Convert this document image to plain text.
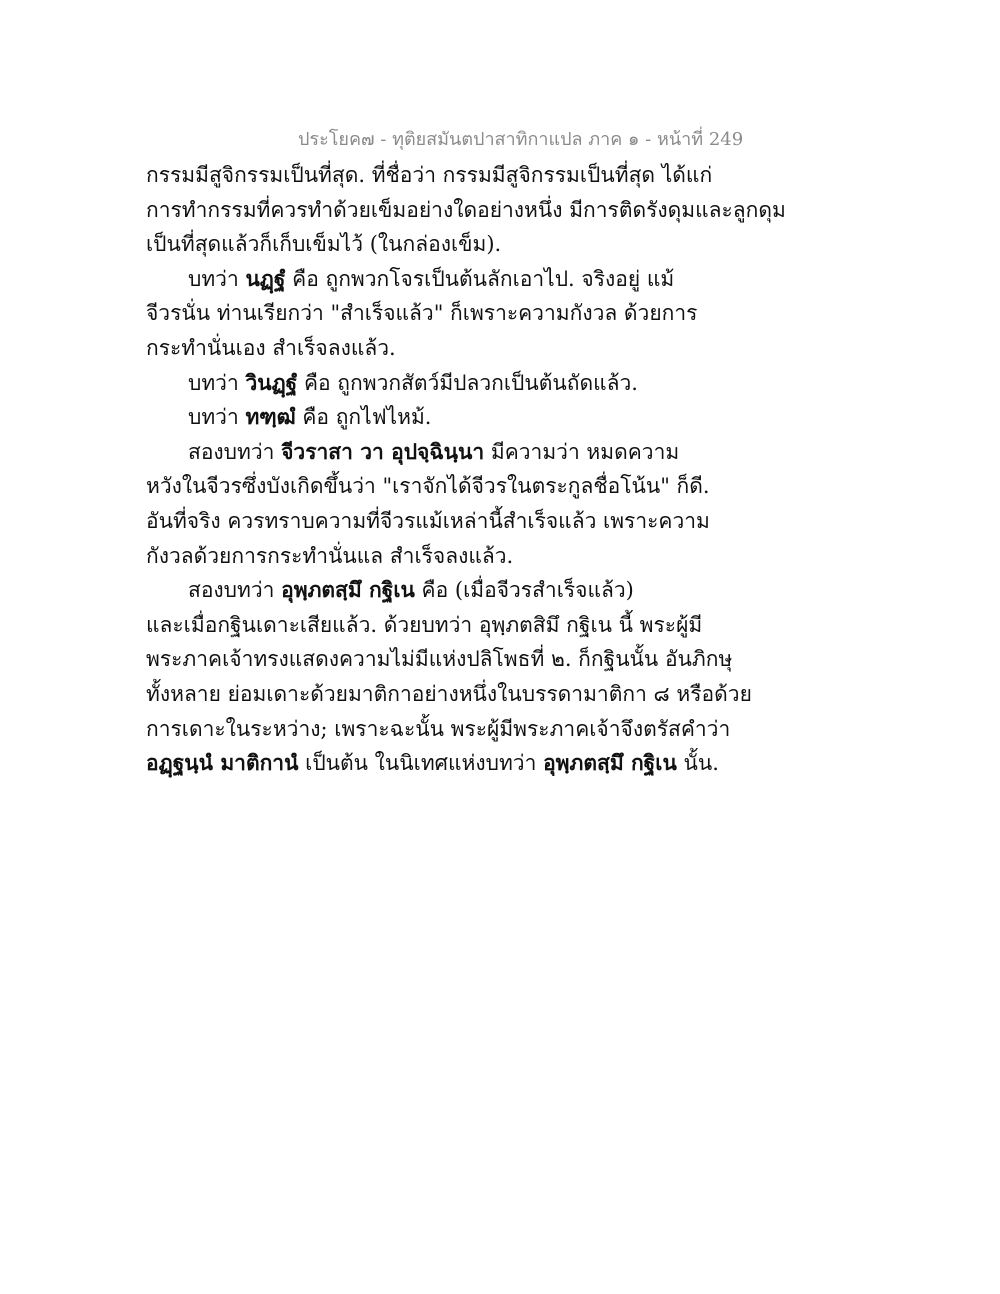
ประโยค๗ - ทุติยสมันตปาสาทิกาแปล ภาค ๑ - หน้าที่ 249
กรรมมีสูจิกรรมเป็นที่สุด. ที่ชื่อว่า กรรมมีสูจิกรรมเป็นที่สุด ได้แก่
การทำกรรมที่ควรทำด้วยเข็มอย่างใดอย่างหนึ่ง มีการติดรังดุมและลูกดุม
เป็นที่สุดแล้วก็เก็บเข็มไว้ (ในกล่องเข็ม).
บทว่า นฏฺฐํ คือ ถูกพวกโจรเป็นต้นลักเอาไป. จริงอยู่ แม้
จีวรนั่น ท่านเรียกว่า "สำเร็จแล้ว" ก็เพราะความกังวล ด้วยการ
กระทำนั่นเอง สำเร็จลงแล้ว.
บทว่า วินฏฺฐํ คือ ถูกพวกสัตว์มีปลวกเป็นต้นถัดแล้ว.
บทว่า ทฑฺฒํ คือ ถูกไฟไหม้.
สองบทว่า จีวราสา วา อุปจฺฉินฺนา มีความว่า หมดความ
หวังในจีวรซึ่งบังเกิดขึ้นว่า "เราจักได้จีวรในตระกูลชื่อโน้น" ก็ดี.
อันที่จริง ควรทราบความที่จีวรแม้เหล่านี้สำเร็จแล้ว เพราะความ
กังวลด้วยการกระทำนั่นแล สำเร็จลงแล้ว.
สองบทว่า อุพฺภตสฺมึ กฐิเน คือ (เมื่อจีวรสำเร็จแล้ว)
และเมื่อกฐินเดาะเสียแล้ว. ด้วยบทว่า อุพฺภตสิมึ กฐิเน นี้ พระผู้มี
พระภาคเจ้าทรงแสดงความไม่มีแห่งปลิโพธที่ ๒. ก็กฐินนั้น อันภิกษุ
ทั้งหลาย ย่อมเดาะด้วยมาติกาอย่างหนึ่งในบรรดามาติกา ๘ หรือด้วย
การเดาะในระหว่าง; เพราะฉะนั้น พระผู้มีพระภาคเจ้าจึงตรัสคำว่า
อฏฺฐนฺนํ มาติกานํ เป็นต้น ในนิเทศแห่งบทว่า อุพฺภตสฺมึ กฐิเน นั้น.
